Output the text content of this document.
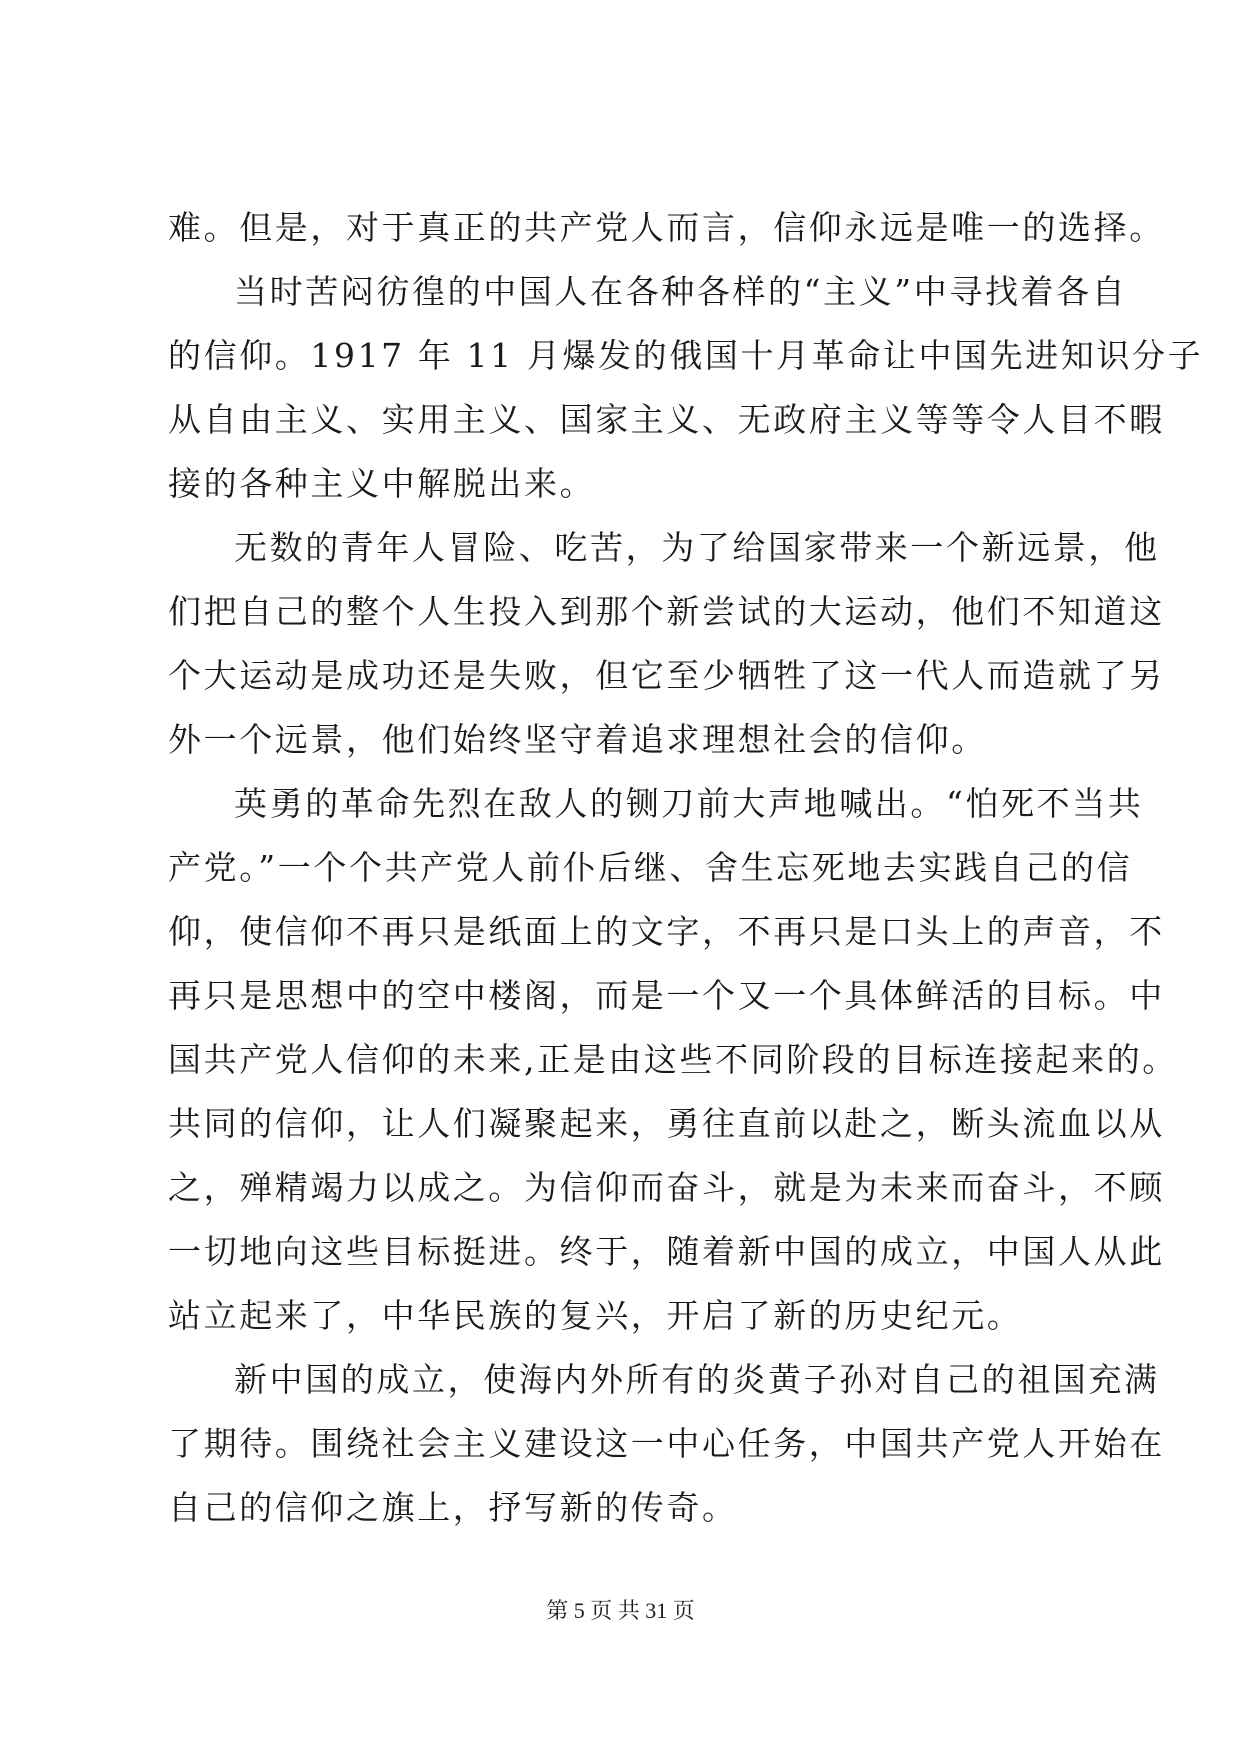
难。但是，对于真正的共产党人而言，信仰永远是唯一的选择。
当时苦闷彷徨的中国人在各种各样的“主义”中寻找着各自
的信仰。1917 年 11 月爆发的俄国十月革命让中国先进知识分子
从自由主义、实用主义、国家主义、无政府主义等等令人目不暇
接的各种主义中解脱出来。
无数的青年人冒险、吃苦，为了给国家带来一个新远景，他
们把自己的整个人生投入到那个新尝试的大运动，他们不知道这
个大运动是成功还是失败，但它至少牺牲了这一代人而造就了另
外一个远景，他们始终坚守着追求理想社会的信仰。
英勇的革命先烈在敌人的铡刀前大声地喊出。“怕死不当共
产党。”一个个共产党人前仆后继、舍生忘死地去实践自己的信
仰，使信仰不再只是纸面上的文字，不再只是口头上的声音，不
再只是思想中的空中楼阁，而是一个又一个具体鲜活的目标。中
国共产党人信仰的未来,正是由这些不同阶段的目标连接起来的。
共同的信仰，让人们凝聚起来，勇往直前以赴之，断头流血以从
之，殚精竭力以成之。为信仰而奋斗，就是为未来而奋斗，不顾
一切地向这些目标挺进。终于，随着新中国的成立，中国人从此
站立起来了，中华民族的复兴，开启了新的历史纪元。
新中国的成立，使海内外所有的炎黄子孙对自己的祖国充满
了期待。围绕社会主义建设这一中心任务，中国共产党人开始在
自己的信仰之旗上，抒写新的传奇。
第 5 页 共 31 页
